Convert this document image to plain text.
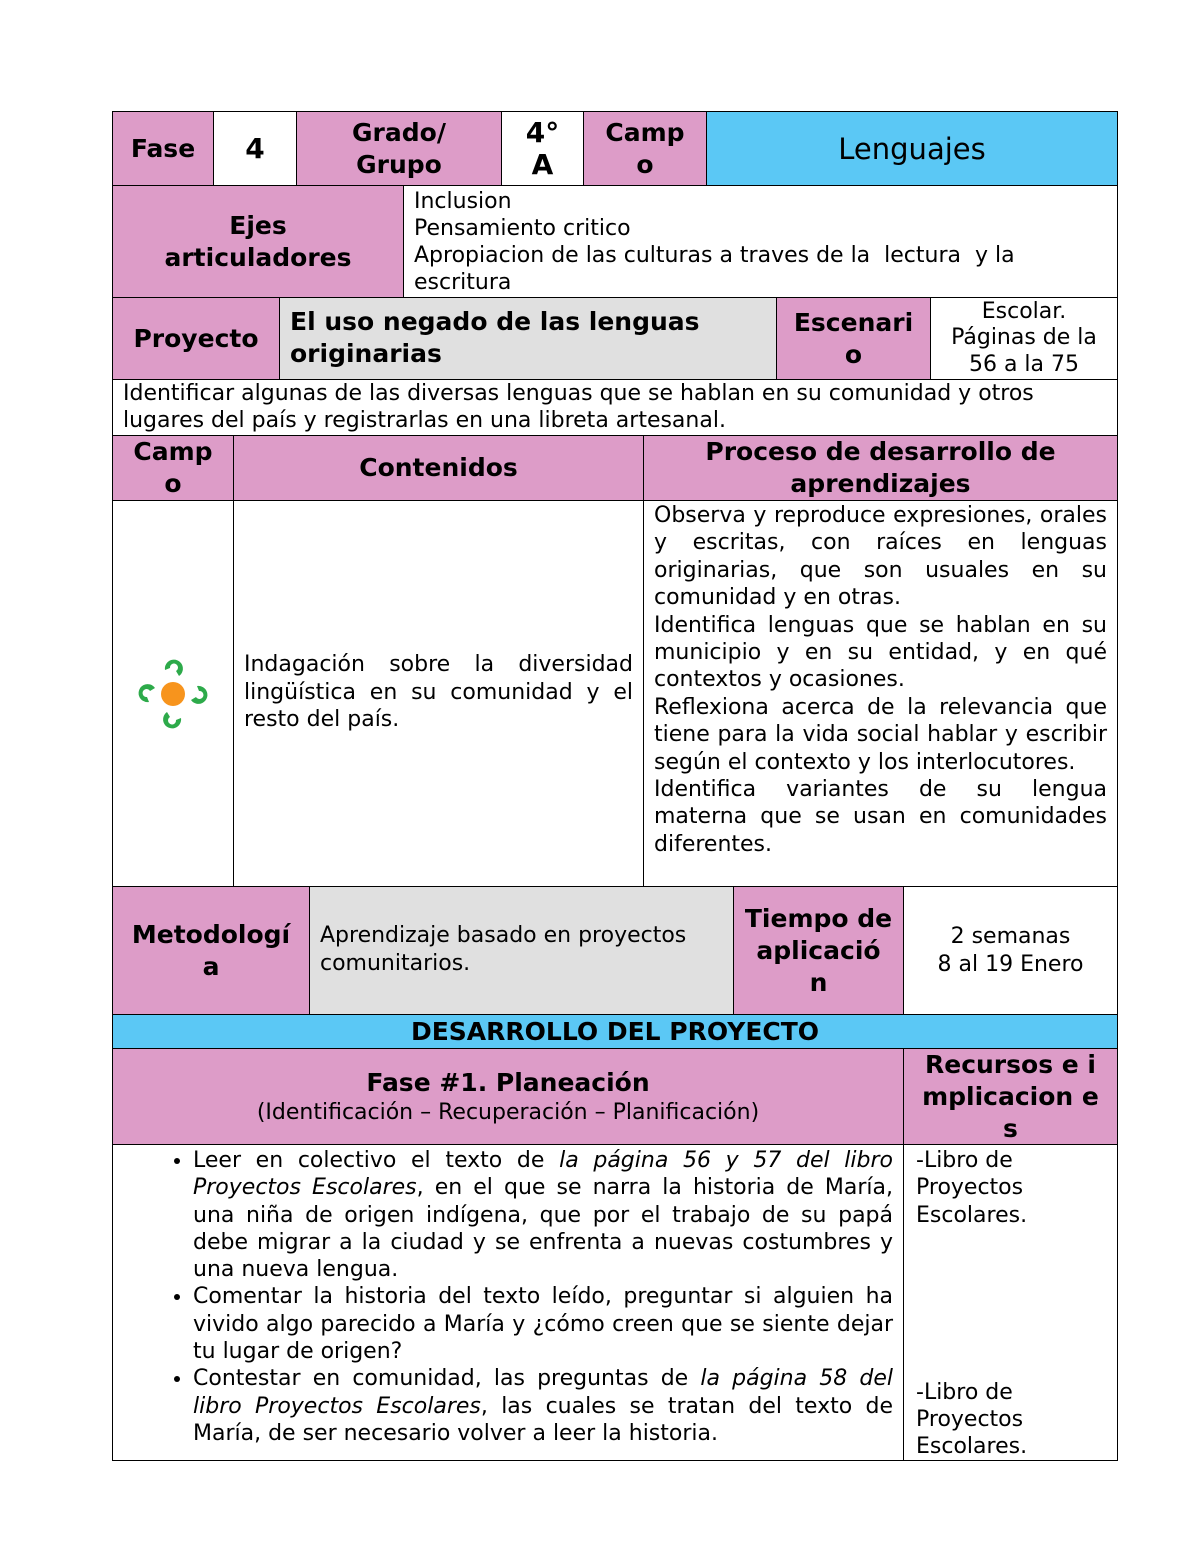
Fase 4	Grado/ Grupo
4° A
Camp o	Lenguajes
Ejes articuladores
Inclusion
Pensamiento critico
Apropiacion de las culturas a traves de la  lectura  y la escritura
Proyecto
El uso negado de las lenguas originarias
Escenari o
Escolar. Páginas de la 56 a la 75
Identificar algunas de las diversas lenguas que se hablan en su comunidad y otros lugares del país y registrarlas en una libreta artesanal.
Camp o
Contenidos
Proceso de desarrollo de aprendizajes
Indagación sobre la diversidad lingüística en su comunidad y el resto del país.
Observa y reproduce expresiones, orales y escritas, con raíces en lenguas originarias, que son usuales en su comunidad y en otras.
Identifica lenguas que se hablan en su municipio y en su entidad, y en qué contextos y ocasiones.
Reflexiona acerca de la relevancia que tiene para la vida social hablar y escribir según el contexto y los interlocutores.
Identifica variantes de su lengua materna que se usan en comunidades diferentes.
Metodologí a
Aprendizaje basado en proyectos comunitarios.
Tiempo de aplicació n
2 semanas
8 al 19 Enero
DESARROLLO DEL PROYECTO
Fase #1. Planeación
(Identificación – Recuperación – Planificación)
Recursos e implicacion es
• Leer en colectivo el texto de la página 56 y 57 del libro Proyectos Escolares, en el que se narra la historia de María, una niña de origen indígena, que por el trabajo de su papá debe migrar a la ciudad y se enfrenta a nuevas costumbres y una nueva lengua.
• Comentar la historia del texto leído, preguntar si alguien ha vivido algo parecido a María y ¿cómo creen que se siente dejar tu lugar de origen?
• Contestar en comunidad, las preguntas de la página 58 del libro Proyectos Escolares, las cuales se tratan del texto de María, de ser necesario volver a leer la historia.
-Libro de Proyectos Escolares.
-Libro de Proyectos Escolares.
